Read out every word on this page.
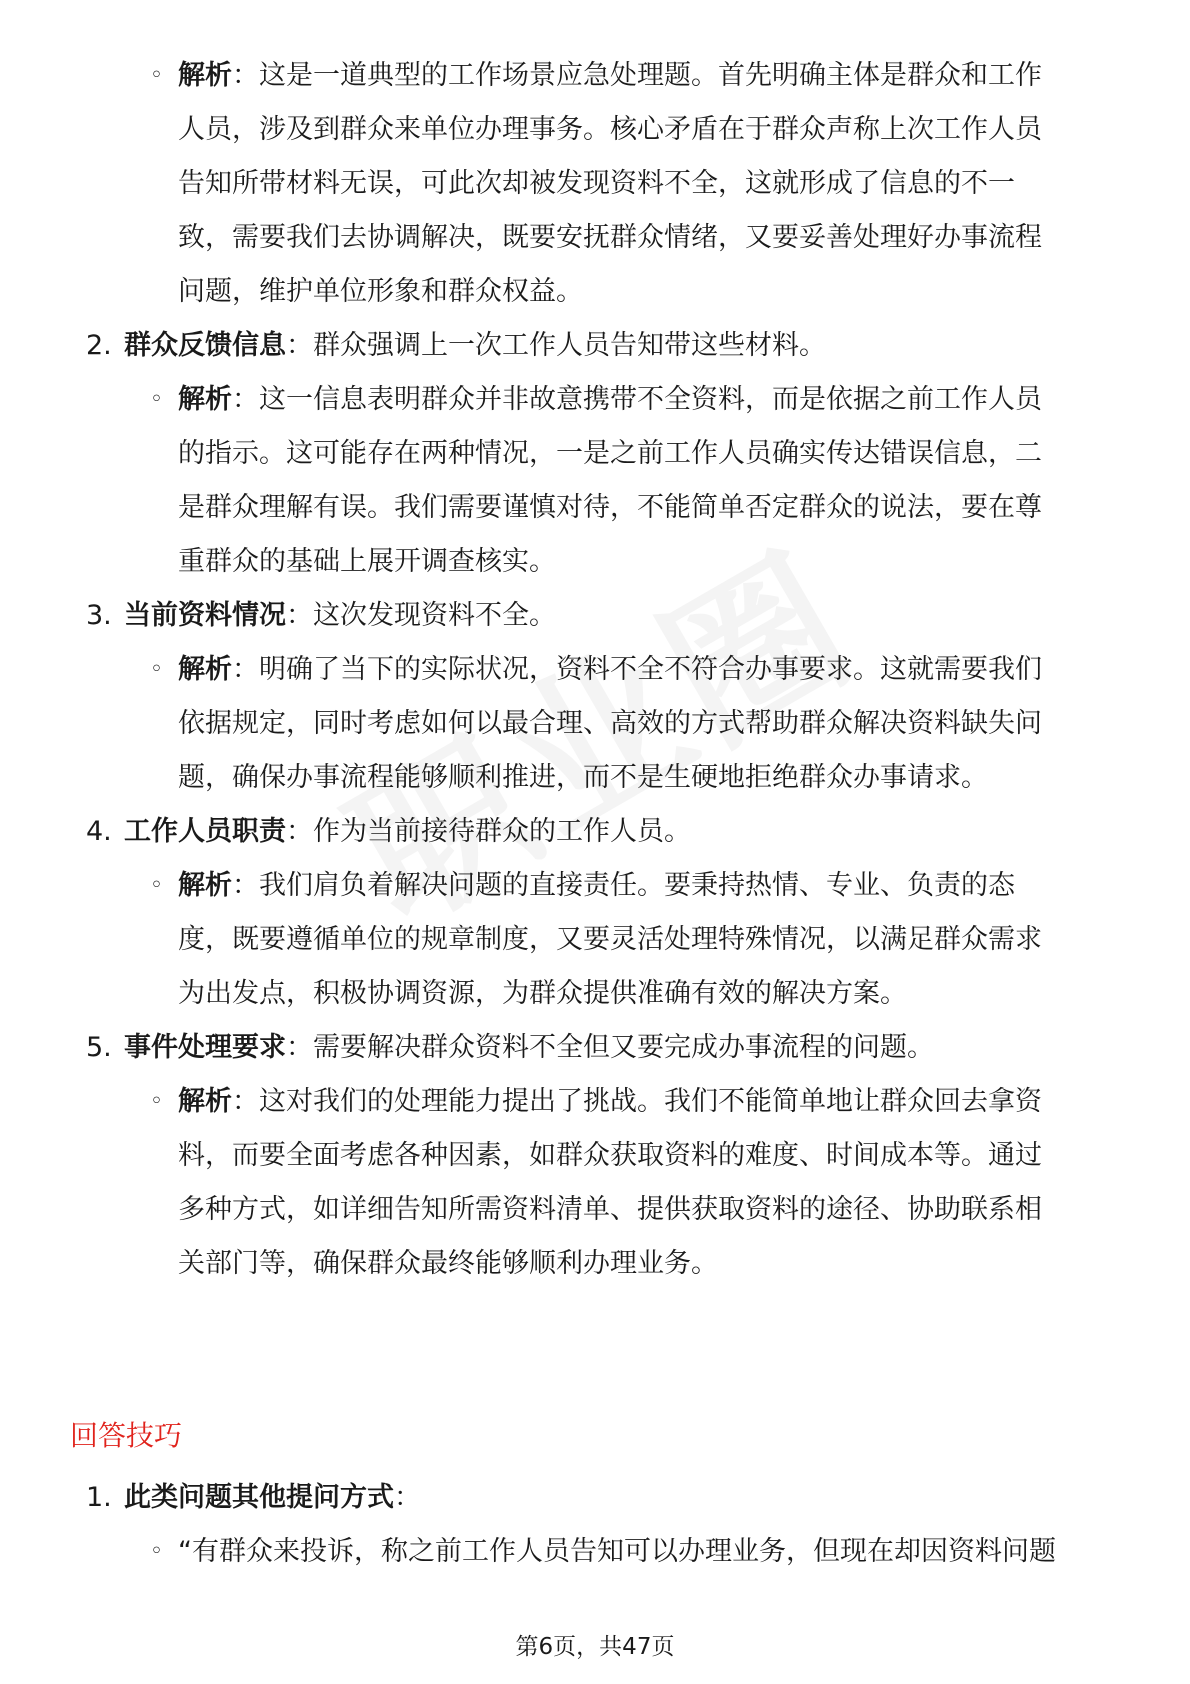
◦ 解析：这是一道典型的工作场景应急处理题。首先明确主体是群众和工作
人员，涉及到群众来单位办理事务。核心矛盾在于群众声称上次工作人员
告知所带材料无误，可此次却被发现资料不全，这就形成了信息的不一
致，需要我们去协调解决，既要安抚群众情绪，又要妥善处理好办事流程
问题，维护单位形象和群众权益。
2. 群众反馈信息：群众强调上一次工作人员告知带这些材料。
◦ 解析：这一信息表明群众并非故意携带不全资料，而是依据之前工作人员
的指示。这可能存在两种情况，一是之前工作人员确实传达错误信息，二
是群众理解有误。我们需要谨慎对待，不能简单否定群众的说法，要在尊
重群众的基础上展开调查核实。
3. 当前资料情况：这次发现资料不全。
◦ 解析：明确了当下的实际状况，资料不全不符合办事要求。这就需要我们
依据规定，同时考虑如何以最合理、高效的方式帮助群众解决资料缺失问
题，确保办事流程能够顺利推进，而不是生硬地拒绝群众办事请求。
4. 工作人员职责：作为当前接待群众的工作人员。
◦ 解析：我们肩负着解决问题的直接责任。要秉持热情、专业、负责的态
度，既要遵循单位的规章制度，又要灵活处理特殊情况，以满足群众需求
为出发点，积极协调资源，为群众提供准确有效的解决方案。
5. 事件处理要求：需要解决群众资料不全但又要完成办事流程的问题。
◦ 解析：这对我们的处理能力提出了挑战。我们不能简单地让群众回去拿资
料，而要全面考虑各种因素，如群众获取资料的难度、时间成本等。通过
多种方式，如详细告知所需资料清单、提供获取资料的途径、协助联系相
关部门等，确保群众最终能够顺利办理业务。
回答技巧
1. 此类问题其他提问方式：
◦ “有群众来投诉，称之前工作人员告知可以办理业务，但现在却因资料问题
第6页，共47页
